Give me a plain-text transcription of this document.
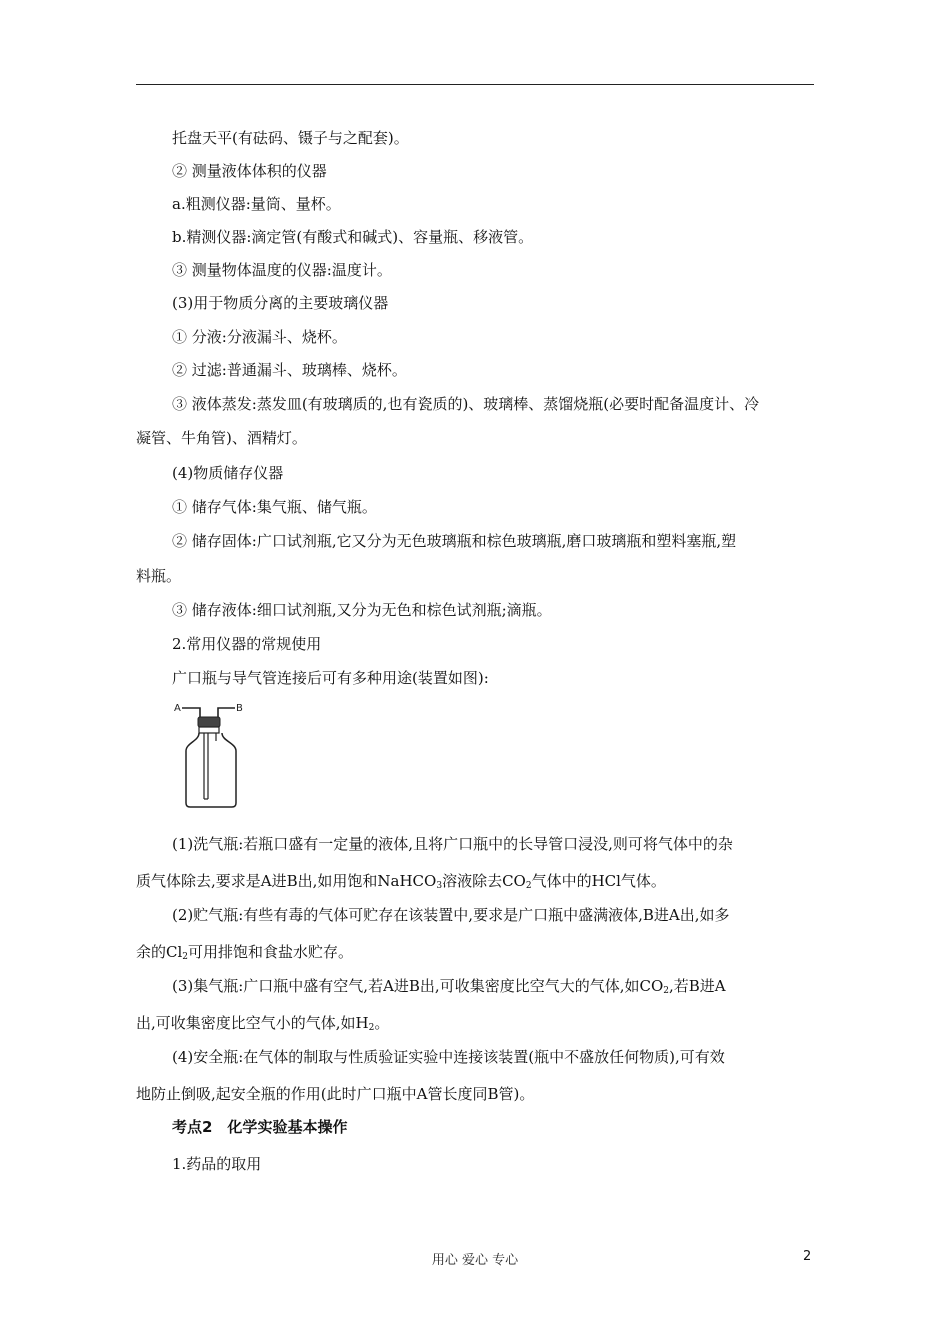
托盘天平(有砝码、镊子与之配套)。
② 测量液体体积的仪器
a.粗测仪器:量筒、量杯。
b.精测仪器:滴定管(有酸式和碱式)、容量瓶、移液管。
③ 测量物体温度的仪器:温度计。
(3)用于物质分离的主要玻璃仪器
① 分液:分液漏斗、烧杯。
② 过滤:普通漏斗、玻璃棒、烧杯。
③ 液体蒸发:蒸发皿(有玻璃质的,也有瓷质的)、玻璃棒、蒸馏烧瓶(必要时配备温度计、冷
凝管、牛角管)、酒精灯。
(4)物质储存仪器
① 储存气体:集气瓶、储气瓶。
② 储存固体:广口试剂瓶,它又分为无色玻璃瓶和棕色玻璃瓶,磨口玻璃瓶和塑料塞瓶,塑
料瓶。
③ 储存液体:细口试剂瓶,又分为无色和棕色试剂瓶;滴瓶。
2.常用仪器的常规使用
广口瓶与导气管连接后可有多种用途(装置如图):
A	B
(1)洗气瓶:若瓶口盛有一定量的液体,且将广口瓶中的长导管口浸没,则可将气体中的杂
质气体除去,要求是A进B出,如用饱和NaHCO$_3$溶液除去$CO_2$气体中的HCl气体。
(2)贮气瓶:有些有毒的气体可贮存在该装置中,要求是广口瓶中盛满液体,B进A出,如多
余的$Cl_2$可用排饱和食盐水贮存。
(3)集气瓶:广口瓶中盛有空气,若A进B出,可收集密度比空气大的气体,如$CO_2$,若B进A
出,可收集密度比空气小的气体,如$H_2$。
(4)安全瓶:在气体的制取与性质验证实验中连接该装置(瓶中不盛放任何物质),可有效
地防止倒吸,起安全瓶的作用(此时广口瓶中A管长度同B管)。
考点2　化学实验基本操作
1.药品的取用
用心 爱心 专心	2
